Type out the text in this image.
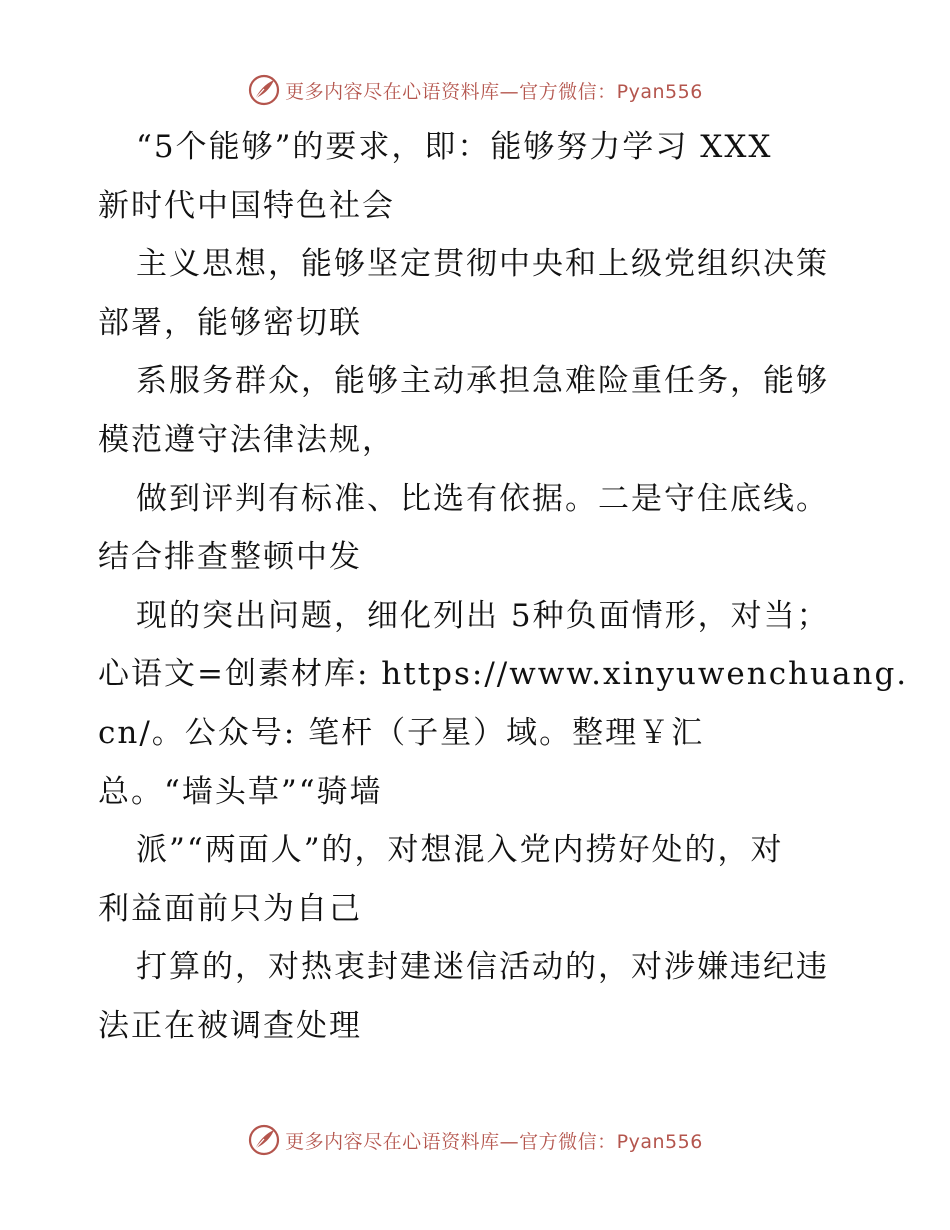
更多内容尽在心语资料库—官方微信：Pyan556
“5个能够”的要求，即：能够努力学习 XXX
新时代中国特色社会
主义思想，能够坚定贯彻中央和上级党组织决策
部署，能够密切联
系服务群众，能够主动承担急难险重任务，能够
模范遵守法律法规，
做到评判有标准、比选有依据。二是守住底线。
结合排查整顿中发
现的突出问题，细化列出 5种负面情形，对当；
心语文=创素材库: https://www.xinyuwenchuang.
cn/。公众号: 笔杆（子星）域。整理￥汇
总。“墙头草”“骑墙
派”“两面人”的，对想混入党内捞好处的，对
利益面前只为自己
打算的，对热衷封建迷信活动的，对涉嫌违纪违
法正在被调查处理
更多内容尽在心语资料库—官方微信：Pyan556
